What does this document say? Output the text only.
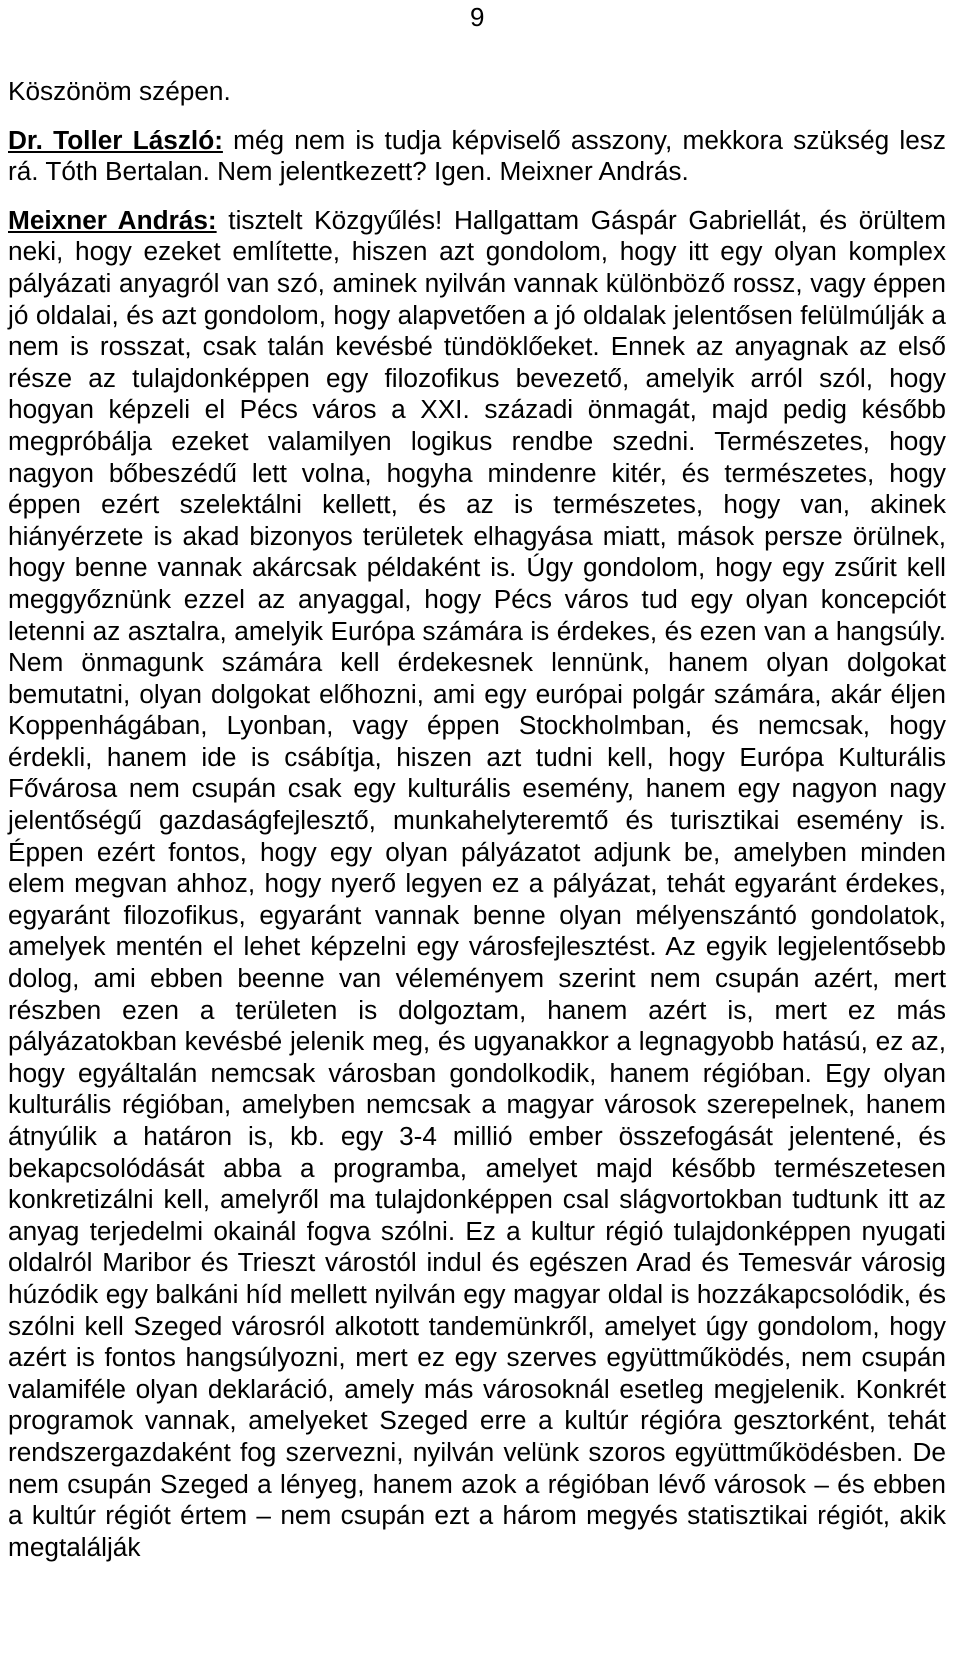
9

Köszönöm szépen.

Dr. Toller László: még nem is tudja képviselő asszony, mekkora szükség lesz rá. Tóth Bertalan. Nem jelentkezett? Igen. Meixner András.

Meixner András: tisztelt Közgyűlés! Hallgattam Gáspár Gabriellát, és örültem neki, hogy ezeket említette, hiszen azt gondolom, hogy itt egy olyan komplex pályázati anyagról van szó, aminek nyilván vannak különböző rossz, vagy éppen jó oldalai, és azt gondolom, hogy alapvetően a jó oldalak jelentősen felülmúlják a nem is rosszat, csak talán kevésbé tündöklőeket. Ennek az anyagnak az első része az tulajdonképpen egy filozofikus bevezető, amelyik arról szól, hogy hogyan képzeli el Pécs város a XXI. századi önmagát, majd pedig később megpróbálja ezeket valamilyen logikus rendbe szedni. Természetes, hogy nagyon bőbeszédű lett volna, hogyha mindenre kitér, és természetes, hogy éppen ezért szelektálni kellett, és az is természetes, hogy van, akinek hiányérzete is akad bizonyos területek elhagyása miatt, mások persze örülnek, hogy benne vannak akárcsak példaként is. Úgy gondolom, hogy egy zsűrit kell meggyőznünk ezzel az anyaggal, hogy Pécs város tud egy olyan koncepciót letenni az asztalra, amelyik Európa számára is érdekes, és ezen van a hangsúly. Nem önmagunk számára kell érdekesnek lennünk, hanem olyan dolgokat bemutatni, olyan dolgokat előhozni, ami egy európai polgár számára, akár éljen Koppenhágában, Lyonban, vagy éppen Stockholmban, és nemcsak, hogy érdekli, hanem ide is csábítja, hiszen azt tudni kell, hogy Európa Kulturális Fővárosa nem csupán csak egy kulturális esemény, hanem egy nagyon nagy jelentőségű gazdaságfejlesztő, munkahelyteremtő és turisztikai esemény is. Éppen ezért fontos, hogy egy olyan pályázatot adjunk be, amelyben minden elem megvan ahhoz, hogy nyerő legyen ez a pályázat, tehát egyaránt érdekes, egyaránt filozofikus, egyaránt vannak benne olyan mélyenszántó gondolatok, amelyek mentén el lehet képzelni egy városfejlesztést. Az egyik legjelentősebb dolog, ami ebben beenne van véleményem szerint nem csupán azért, mert részben ezen a területen is dolgoztam, hanem azért is, mert ez más pályázatokban kevésbé jelenik meg, és ugyanakkor a legnagyobb hatású, ez az, hogy egyáltalán nemcsak városban gondolkodik, hanem régióban. Egy olyan kulturális régióban, amelyben nemcsak a magyar városok szerepelnek, hanem átnyúlik a határon is, kb. egy 3-4 millió ember összefogását jelentené, és bekapcsolódását abba a programba, amelyet majd később természetesen konkretizálni kell, amelyről ma tulajdonképpen csal slágvortokban tudtunk itt az anyag terjedelmi okainál fogva szólni. Ez a kultur régió tulajdonképpen nyugati oldalról Maribor és Trieszt várostól indul és egészen Arad és Temesvár városig húzódik egy balkáni híd mellett nyilván egy magyar oldal is hozzákapcsolódik, és szólni kell Szeged városról alkotott tandemünkről, amelyet úgy gondolom, hogy azért is fontos hangsúlyozni, mert ez egy szerves együttműködés, nem csupán valamiféle olyan deklaráció, amely más városoknál esetleg megjelenik. Konkrét programok vannak, amelyeket Szeged erre a kultúr régióra gesztorként, tehát rendszergazdaként fog szervezni, nyilván velünk szoros együttműködésben. De nem csupán Szeged a lényeg, hanem azok a régióban lévő városok – és ebben a kultúr régiót értem – nem csupán ezt a három megyés statisztikai régiót, akik megtalálják
